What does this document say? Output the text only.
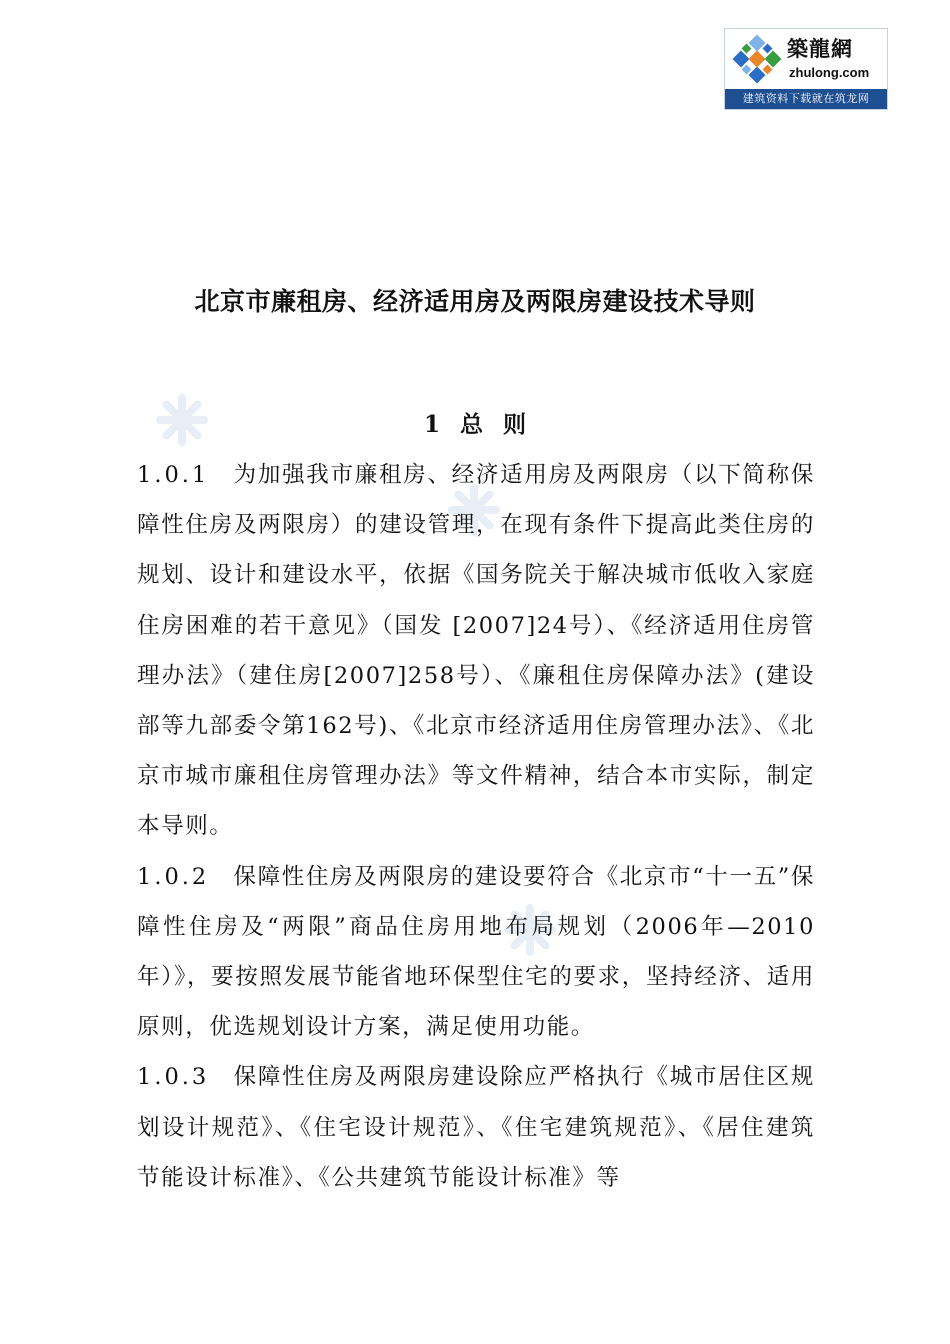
築龍網
zhulong.com
建筑资料下载就在筑龙网
北京市廉租房、经济适用房及两限房建设技术导则
1 总 则

1.0.1　 为加强我市廉租房、经济适用房及两限房（以下简称保障性住房及两限房）的建设管理，在现有条件下提高此类住房的规划、设计和建设水平，依据《国务院关于解决城市低收入家庭住房困难的若干意见》（国发 [2007]24号）、《经济适用住房管理办法》（建住房[2007]258号）、《廉租住房保障办法》(建设部等九部委令第162号)、《北京市经济适用住房管理办法》、《北京市城市廉租住房管理办法》等文件精神，结合本市实际，制定本导则。

1.0.2　 保障性住房及两限房的建设要符合《北京市“十一五”保障性住房及“两限”商品住房用地布局规划（2006年—2010年）》，要按照发展节能省地环保型住宅的要求，坚持经济、适用原则，优选规划设计方案，满足使用功能。

1.0.3　 保障性住房及两限房建设除应严格执行《城市居住区规划设计规范》、《住宅设计规范》、《住宅建筑规范》、《居住建筑节能设计标准》、《公共建筑节能设计标准》等
